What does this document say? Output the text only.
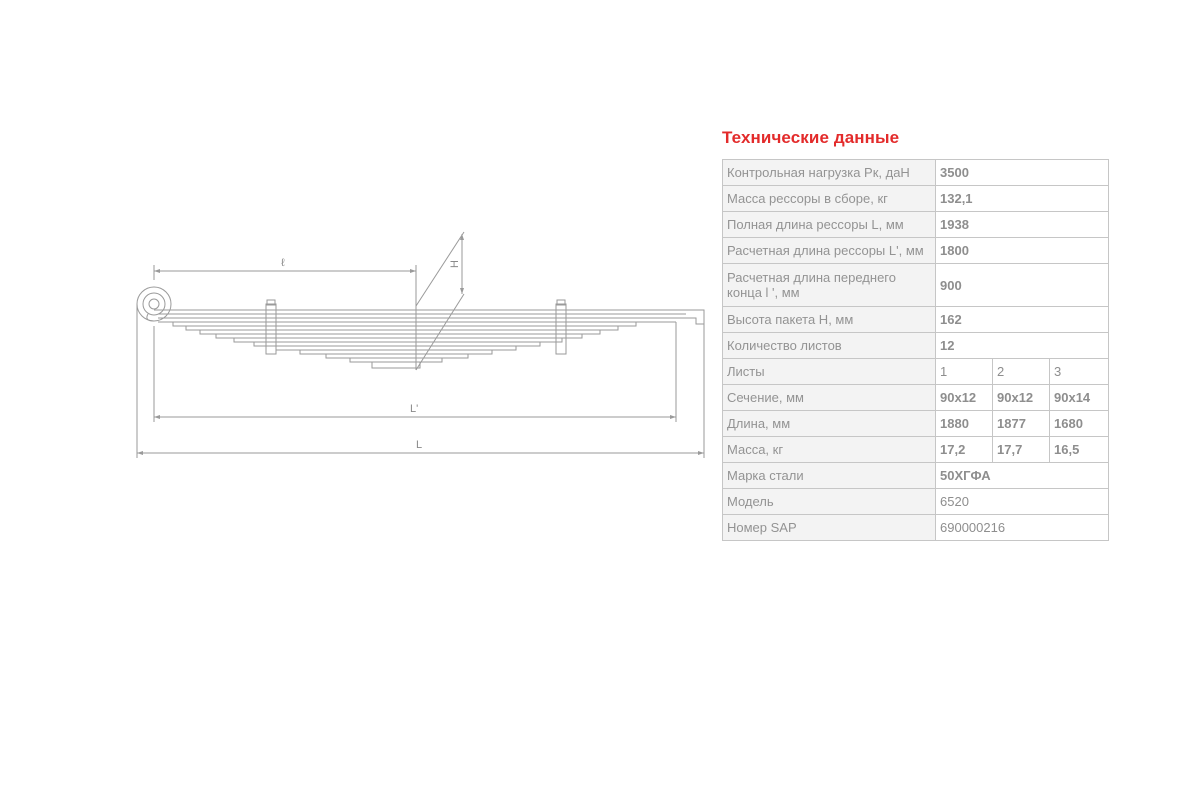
ℓ	H
L'
L
Технические данные
Контрольная нагрузка Pк, даН	3500		
Масса рессоры в сборе, кг	132,1		
Полная длина рессоры L, мм	1938		
Расчетная длина рессоры L', мм	1800		
Расчетная длина переднего конца l ', мм	900		
Высота пакета H, мм	162		
Количество листов	12		
Листы	1	2	3
Сечение, мм	90x12	90x12	90x14
Длина, мм	1880	1877	1680
Масса, кг	17,2	17,7	16,5
Марка стали	50ХГФА		
Модель	6520		
Номер SAP	690000216		
